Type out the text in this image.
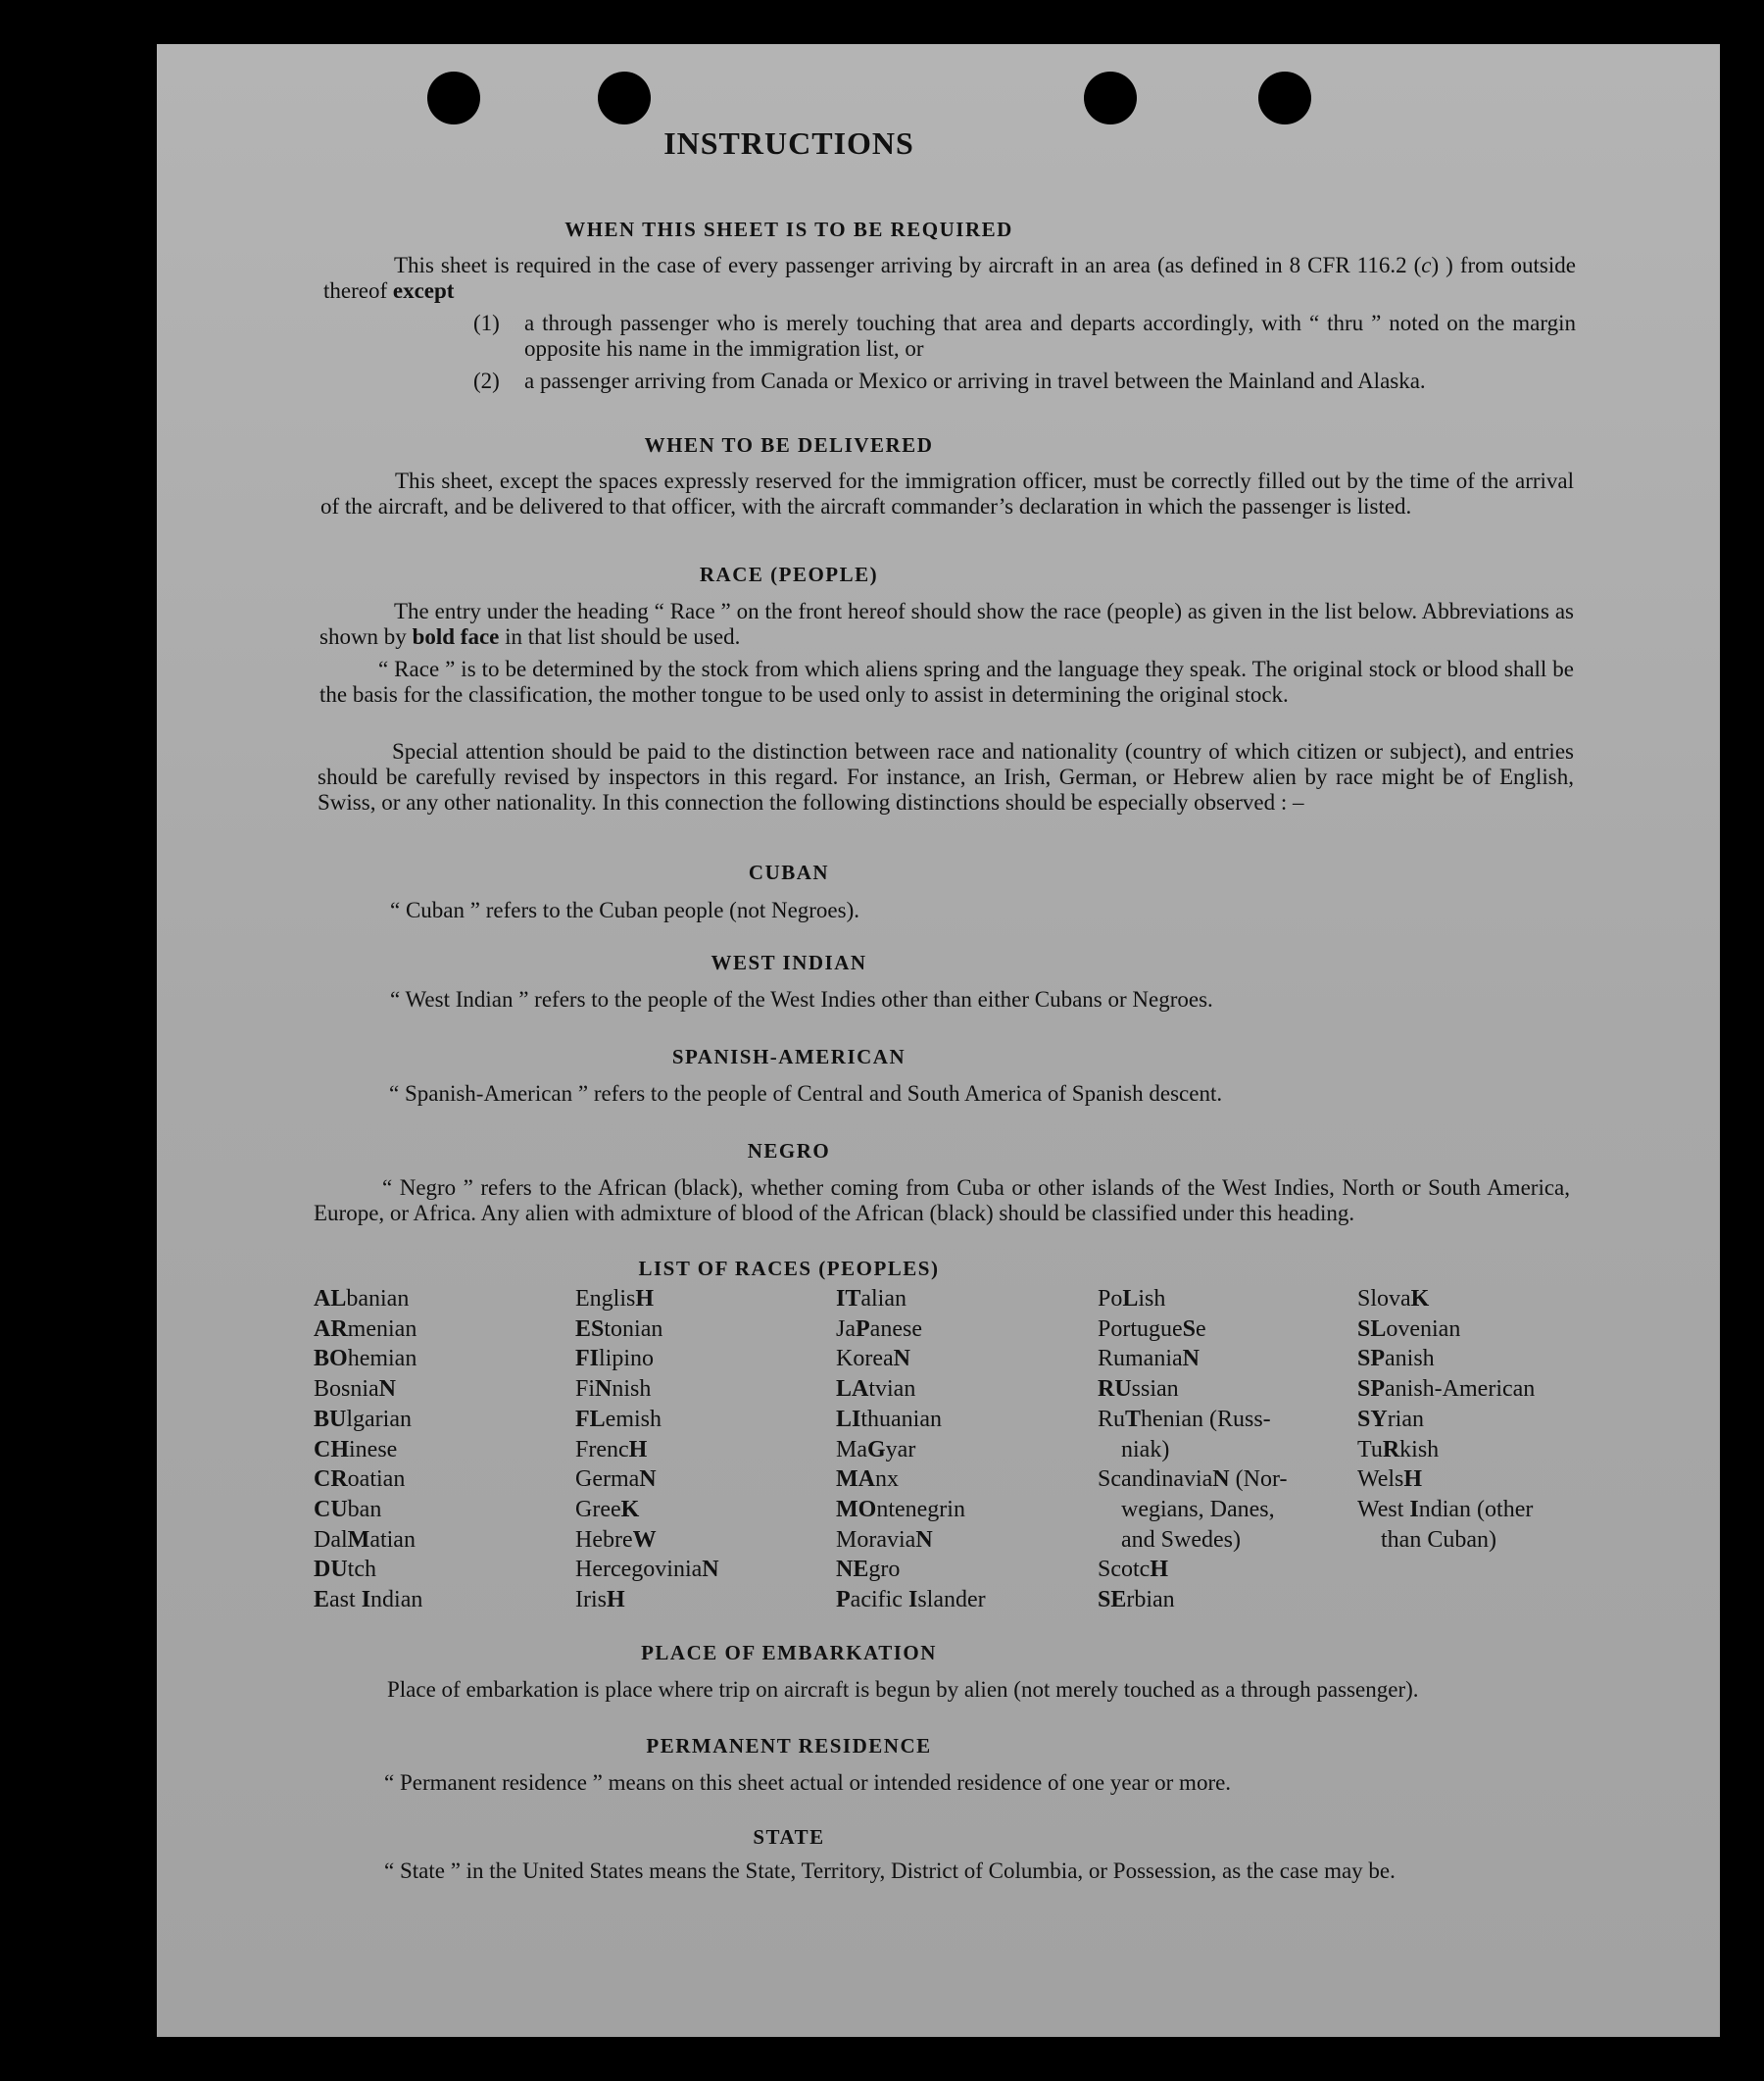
INSTRUCTIONS
WHEN THIS SHEET IS TO BE REQUIRED
This sheet is required in the case of every passenger arriving by aircraft in an area (as defined in 8 CFR 116.2 (c) ) from outside thereof except
(1) a through passenger who is merely touching that area and departs accordingly, with “ thru ” noted on the margin opposite his name in the immigration list, or
(2) a passenger arriving from Canada or Mexico or arriving in travel between the Mainland and Alaska.
WHEN TO BE DELIVERED
This sheet, except the spaces expressly reserved for the immigration officer, must be correctly filled out by the time of the arrival of the aircraft, and be delivered to that officer, with the aircraft commander’s declaration in which the passenger is listed.
RACE (PEOPLE)
The entry under the heading “ Race ” on the front hereof should show the race (people) as given in the list below. Abbreviations as shown by bold face in that list should be used.
“ Race ” is to be determined by the stock from which aliens spring and the language they speak. The original stock or blood shall be the basis for the classification, the mother tongue to be used only to assist in determining the original stock.
Special attention should be paid to the distinction between race and nationality (country of which citizen or subject), and entries should be carefully revised by inspectors in this regard. For instance, an Irish, German, or Hebrew alien by race might be of English, Swiss, or any other nationality. In this connection the following distinctions should be especially observed : –
CUBAN
“ Cuban ” refers to the Cuban people (not Negroes).
WEST INDIAN
“ West Indian ” refers to the people of the West Indies other than either Cubans or Negroes.
SPANISH-AMERICAN
“ Spanish-American ” refers to the people of Central and South America of Spanish descent.
NEGRO
“ Negro ” refers to the African (black), whether coming from Cuba or other islands of the West Indies, North or South America, Europe, or Africa. Any alien with admixture of blood of the African (black) should be classified under this heading.
LIST OF RACES (PEOPLES)
ALbanian
ARmenian
BOhemian
BosniaN
BUlgarian
CHinese
CRoatian
CUban
DalMatian
DUtch
East Indian
EnglisH
EStonian
FIlipino
FiNnish
FLemish
FrencH
GermaN
GreeK
HebreW
HercegoviniaN
IrisH
ITalian
JaPanese
KoreaN
LAtvian
LIthuanian
MaGyar
MAnx
MOntenegrin
MoraviaN
NEgro
Pacific Islander
PoLish
PortugueSe
RumaniaN
RUssian
RuThenian (Russ-
 niak)
ScandinaviaN (Nor-
 wegians, Danes,
 and Swedes)
ScotcH
SErbian
SlovaK
SLovenian
SPanish
SPanish-American
SYrian
TuRkish
WelsH
West Indian (other
 than Cuban)
PLACE OF EMBARKATION
Place of embarkation is place where trip on aircraft is begun by alien (not merely touched as a through passenger).
PERMANENT RESIDENCE
“ Permanent residence ” means on this sheet actual or intended residence of one year or more.
STATE
“ State ” in the United States means the State, Territory, District of Columbia, or Possession, as the case may be.
